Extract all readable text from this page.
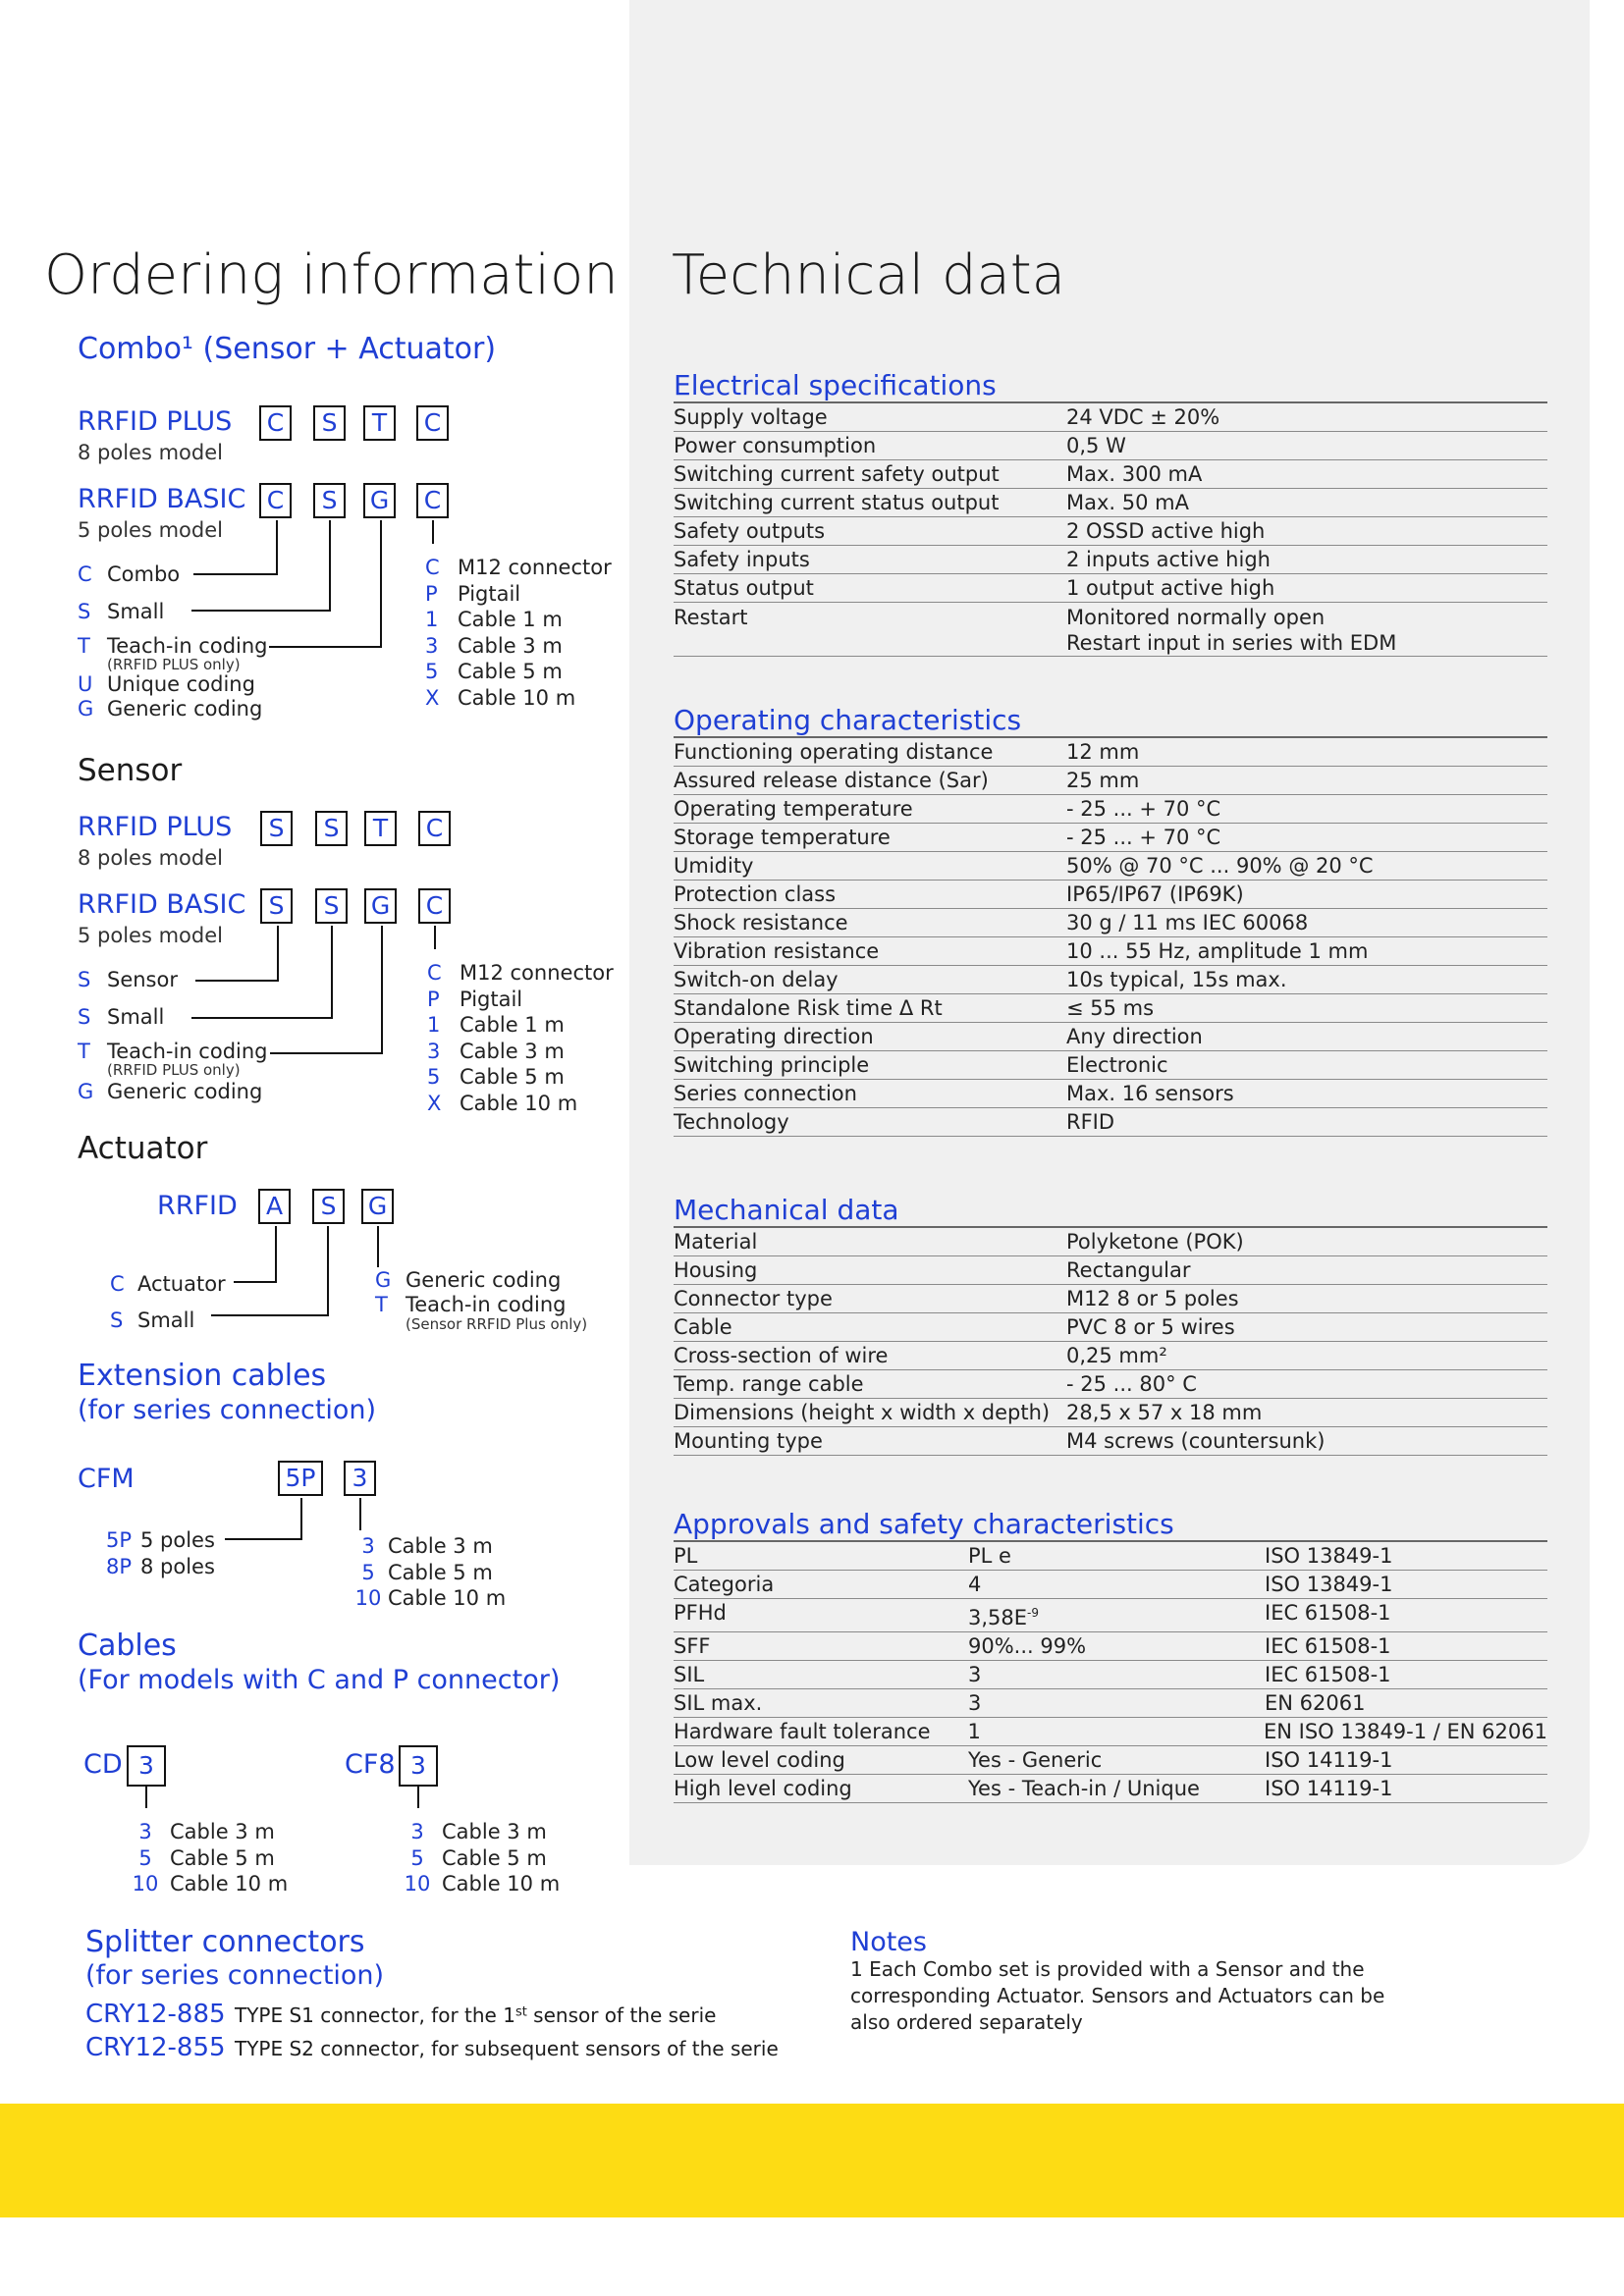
Ordering information
Combo¹ (Sensor + Actuator)
RRFID PLUS
8 poles model
C	S	T	C
RRFID BASIC
5 poles model
C	S	G	C
C Combo
S Small
T Teach-in coding
(RRFID PLUS only)
U Unique coding
G Generic coding
C M12 connector
P Pigtail
1 Cable 1 m
3 Cable 3 m
5 Cable 5 m
X Cable 10 m
Sensor
RRFID PLUS
8 poles model
S	S	T	C
RRFID BASIC
5 poles model
S	S	G	C
S Sensor
S Small
T Teach-in coding
(RRFID PLUS only)
G Generic coding
C M12 connector
P Pigtail
1 Cable 1 m
3 Cable 3 m
5 Cable 5 m
X Cable 10 m
Actuator
RRFID	A	S	G
C Actuator
S Small
G Generic coding
T Teach-in coding
(Sensor RRFID Plus only)
Extension cables
(for series connection)
CFM	5P	3
5P 5 poles
8P 8 poles
3 Cable 3 m
5 Cable 5 m
10 Cable 10 m
Cables
(For models with C and P connector)
CD 3
3 Cable 3 m
5 Cable 5 m
10 Cable 10 m
CF8 3
3 Cable 3 m
5 Cable 5 m
10 Cable 10 m
Splitter connectors
(for series connection)
CRY12-885 TYPE S1 connector, for the 1st sensor of the serie
CRY12-855 TYPE S2 connector, for subsequent sensors of the serie
Notes
1 Each Combo set is provided with a Sensor and the
corresponding Actuator. Sensors and Actuators can be
also ordered separately
Technical data
Electrical specifications
Supply voltage	24 VDC ± 20%
Power consumption	0,5 W
Switching current safety output	Max. 300 mA
Switching current status output	Max. 50 mA
Safety outputs	2 OSSD active high
Safety inputs	2 inputs active high
Status output	1 output active high
Restart	Monitored normally open
Restart input in series with EDM
Operating characteristics
Functioning operating distance	12 mm
Assured release distance (Sar)	25 mm
Operating temperature	- 25 ... + 70 °C
Storage temperature	- 25 ... + 70 °C
Umidity	50% @ 70 °C ... 90% @ 20 °C
Protection class	IP65/IP67 (IP69K)
Shock resistance	30 g / 11 ms IEC 60068
Vibration resistance	10 ... 55 Hz, amplitude 1 mm
Switch-on delay	10s typical, 15s max.
Standalone Risk time Δ Rt	≤ 55 ms
Operating direction	Any direction
Switching principle	Electronic
Series connection	Max. 16 sensors
Technology	RFID
Mechanical data
Material	Polyketone (POK)
Housing	Rectangular
Connector type	M12 8 or 5 poles
Cable	PVC 8 or 5 wires
Cross-section of wire	0,25 mm²
Temp. range cable	- 25 ... 80° C
Dimensions (height x width x depth) 28,5 x 57 x 18 mm
Mounting type	M4 screws (countersunk)
Approvals and safety characteristics
PL	PL e	ISO 13849-1
Categoria	4	ISO 13849-1
PFHd	$3,58E^{-9}$	IEC 61508-1
SFF	90%... 99%	IEC 61508-1
SIL	3	IEC 61508-1
SIL max.	3	EN 62061
Hardware fault tolerance	1	EN ISO 13849-1 / EN 62061
Low level coding	Yes - Generic	ISO 14119-1
High level coding	Yes - Teach-in / Unique	ISO 14119-1
